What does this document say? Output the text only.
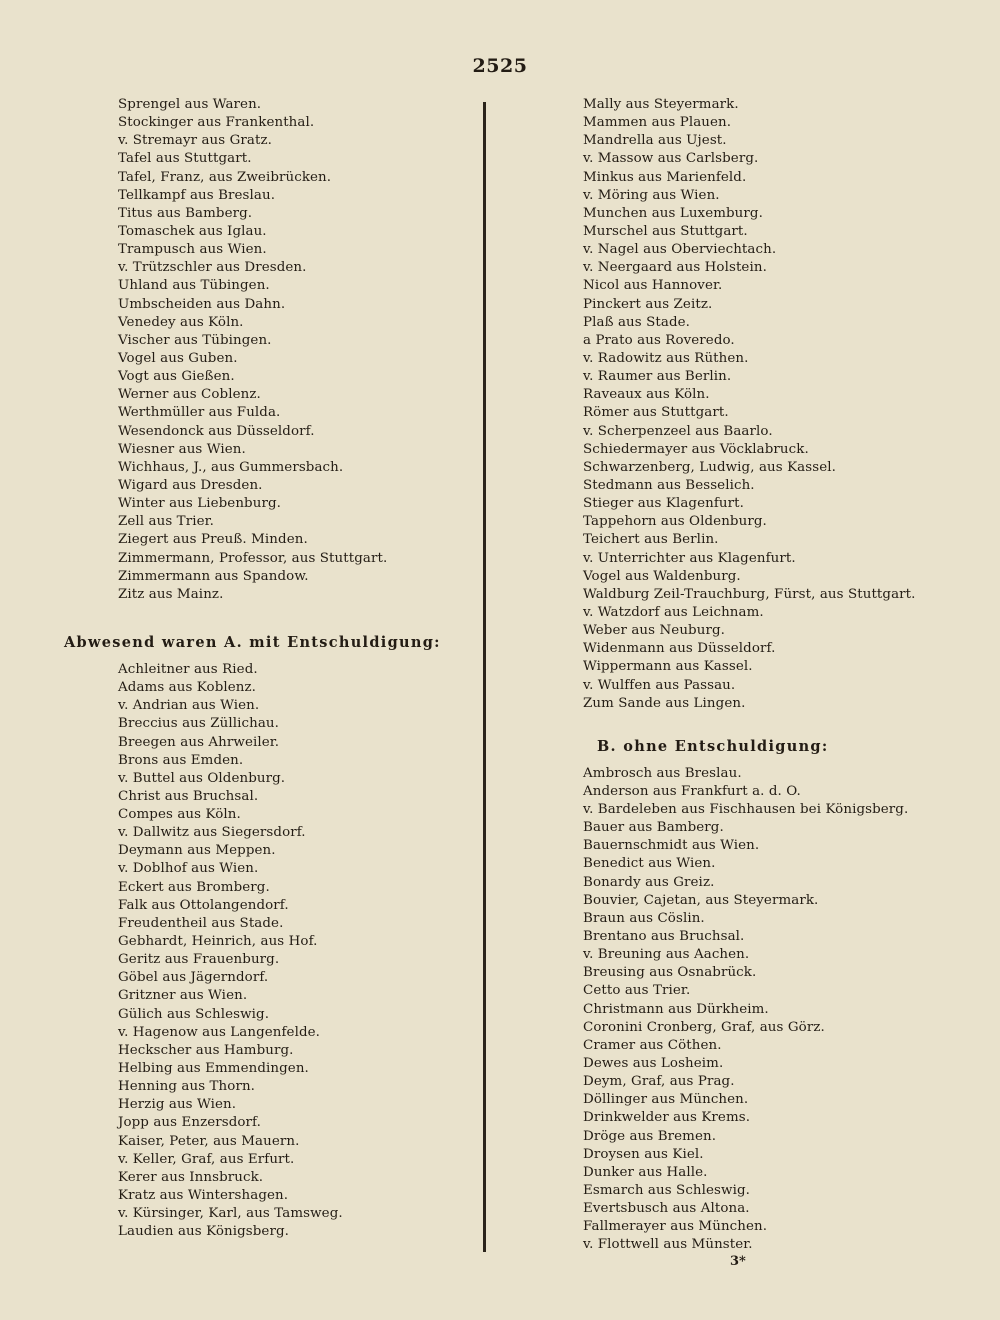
2525
Sprengel aus Waren.
Stockinger aus Frankenthal.
v. Stremayr aus Gratz.
Tafel aus Stuttgart.
Tafel, Franz, aus Zweibrücken.
Tellkampf aus Breslau.
Titus aus Bamberg.
Tomaschek aus Iglau.
Trampusch aus Wien.
v. Trützschler aus Dresden.
Uhland aus Tübingen.
Umbscheiden aus Dahn.
Venedey aus Köln.
Vischer aus Tübingen.
Vogel aus Guben.
Vogt aus Gießen.
Werner aus Coblenz.
Werthmüller aus Fulda.
Wesendonck aus Düsseldorf.
Wiesner aus Wien.
Wichhaus, J., aus Gummersbach.
Wigard aus Dresden.
Winter aus Liebenburg.
Zell aus Trier.
Ziegert aus Preuß. Minden.
Zimmermann, Professor, aus Stuttgart.
Zimmermann aus Spandow.
Zitz aus Mainz.
Abwesend waren A. mit Entschuldigung:
Achleitner aus Ried.
Adams aus Koblenz.
v. Andrian aus Wien.
Breccius aus Züllichau.
Breegen aus Ahrweiler.
Brons aus Emden.
v. Buttel aus Oldenburg.
Christ aus Bruchsal.
Compes aus Köln.
v. Dallwitz aus Siegersdorf.
Deymann aus Meppen.
v. Doblhof aus Wien.
Eckert aus Bromberg.
Falk aus Ottolangendorf.
Freudentheil aus Stade.
Gebhardt, Heinrich, aus Hof.
Geritz aus Frauenburg.
Göbel aus Jägerndorf.
Gritzner aus Wien.
Gülich aus Schleswig.
v. Hagenow aus Langenfelde.
Heckscher aus Hamburg.
Helbing aus Emmendingen.
Henning aus Thorn.
Herzig aus Wien.
Jopp aus Enzersdorf.
Kaiser, Peter, aus Mauern.
v. Keller, Graf, aus Erfurt.
Kerer aus Innsbruck.
Kratz aus Wintershagen.
v. Kürsinger, Karl, aus Tamsweg.
Laudien aus Königsberg.
Mally aus Steyermark.
Mammen aus Plauen.
Mandrella aus Ujest.
v. Massow aus Carlsberg.
Minkus aus Marienfeld.
v. Möring aus Wien.
Munchen aus Luxemburg.
Murschel aus Stuttgart.
v. Nagel aus Oberviechtach.
v. Neergaard aus Holstein.
Nicol aus Hannover.
Pinckert aus Zeitz.
Plaß aus Stade.
a Prato aus Roveredo.
v. Radowitz aus Rüthen.
v. Raumer aus Berlin.
Raveaux aus Köln.
Römer aus Stuttgart.
v. Scherpenzeel aus Baarlo.
Schiedermayer aus Vöcklabruck.
Schwarzenberg, Ludwig, aus Kassel.
Stedmann aus Besselich.
Stieger aus Klagenfurt.
Tappehorn aus Oldenburg.
Teichert aus Berlin.
v. Unterrichter aus Klagenfurt.
Vogel aus Waldenburg.
Waldburg Zeil-Trauchburg, Fürst, aus Stuttgart.
v. Watzdorf aus Leichnam.
Weber aus Neuburg.
Widenmann aus Düsseldorf.
Wippermann aus Kassel.
v. Wulffen aus Passau.
Zum Sande aus Lingen.
B. ohne Entschuldigung:
Ambrosch aus Breslau.
Anderson aus Frankfurt a. d. O.
v. Bardeleben aus Fischhausen bei Königsberg.
Bauer aus Bamberg.
Bauernschmidt aus Wien.
Benedict aus Wien.
Bonardy aus Greiz.
Bouvier, Cajetan, aus Steyermark.
Braun aus Cöslin.
Brentano aus Bruchsal.
v. Breuning aus Aachen.
Breusing aus Osnabrück.
Cetto aus Trier.
Christmann aus Dürkheim.
Coronini Cronberg, Graf, aus Görz.
Cramer aus Cöthen.
Dewes aus Losheim.
Deym, Graf, aus Prag.
Döllinger aus München.
Drinkwelder aus Krems.
Dröge aus Bremen.
Droysen aus Kiel.
Dunker aus Halle.
Esmarch aus Schleswig.
Evertsbusch aus Altona.
Fallmerayer aus München.
v. Flottwell aus Münster.
3*
